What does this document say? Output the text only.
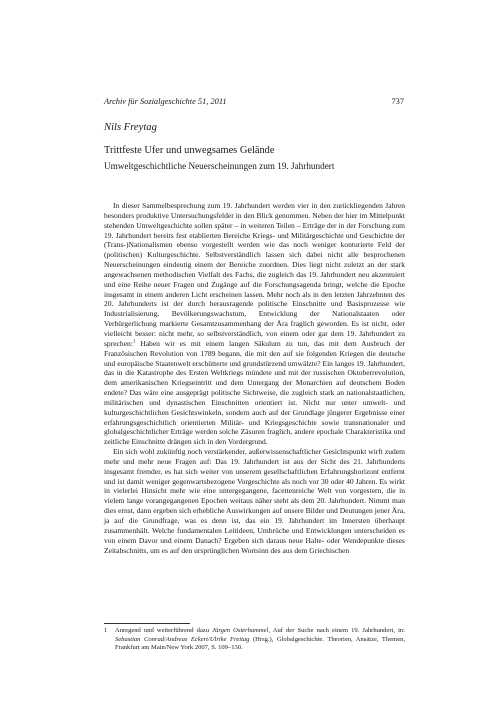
Archiv für Sozialgeschichte 51, 2011	737
Nils Freytag
Trittfeste Ufer und unwegsames Gelände
Umweltgeschichtliche Neuerscheinungen zum 19. Jahrhundert

In dieser Sammelbesprechung zum 19. Jahrhundert werden vier in den zurückliegenden Jahren besonders produktive Untersuchungsfelder in den Blick genommen. Neben der hier im Mittelpunkt stehenden Umweltgeschichte sollen später – in weiteren Teilen – Erträge der in der Forschung zum 19. Jahrhundert bereits fest etablierten Bereiche Kriegs- und Militärgeschichte und Geschichte der (Trans-)Nationalismen ebenso vorgestellt werden wie das noch weniger konturierte Feld der (politischen) Kulturgeschichte. Selbstverständlich lassen sich dabei nicht alle besprochenen Neuerscheinungen eindeutig einem der Bereiche zuordnen. Dies liegt nicht zuletzt an der stark angewachsenen methodischen Vielfalt des Fachs, die zugleich das 19. Jahrhundert neu akzentuiert und eine Reihe neuer Fragen und Zugänge auf die Forschungsagenda bringt, welche die Epoche insgesamt in einem anderen Licht erscheinen lassen. Mehr noch als in den letzten Jahrzehnten des 20. Jahrhunderts ist der durch herausragende politische Einschnitte und Basisprozesse wie Industrialisierung, Bevölkerungswachstum, Entwicklung der Nationalstaaten oder Verbürgerlichung markierte Gesamtzusammenhang der Ära fraglich geworden. Es ist nicht, oder vielleicht besser: nicht mehr, so selbstverständlich, von einem oder gar dem 19. Jahrhundert zu sprechen:$^1$ Haben wir es mit einem langen Säkulum zu tun, das mit dem Ausbruch der Französischen Revolution von 1789 begann, die mit den auf sie folgenden Kriegen die deutsche und europäische Staatenwelt erschütterte und grundstürzend umwälzte? Ein langes 19. Jahrhundert, das in die Katastrophe des Ersten Weltkriegs mündete und mit der russischen Oktoberrevolution, dem amerikanischen Kriegseintritt und dem Untergang der Monarchien auf deutschem Boden endete? Das wäre eine ausgeprägt politische Sichtweise, die zugleich stark an nationalstaatlichen, militärischen und dynastischen Einschnitten orientiert ist. Nicht nur unter umwelt- und kulturgeschichtlichen Gesichtswinkeln, sondern auch auf der Grundlage jüngerer Ergebnisse einer erfahrungsgeschichtlich orientierten Militär- und Kriegsgeschichte sowie transnationaler und globalgeschichtlicher Erträge werden solche Zäsuren fraglich, andere epochale Charakteristika und zeitliche Einschnitte drängen sich in den Vordergrund.

Ein sich wohl zukünftig noch verstärkender, außerwissenschaftlicher Gesichtspunkt wirft zudem mehr und mehr neue Fragen auf: Das 19. Jahrhundert ist aus der Sicht des 21. Jahrhunderts insgesamt fremder, es hat sich weiter von unserem gesellschaftlichen Erfahrungshorizont entfernt und ist damit weniger gegenwartsbezogene Vorgeschichte als noch vor 30 oder 40 Jahren. Es wirkt in vielerlei Hinsicht mehr wie eine untergegangene, facettenreiche Welt von vorgestern, die in vielem lange vorangegangenen Epochen weitaus näher steht als dem 20. Jahrhundert. Nimmt man dies ernst, dann ergeben sich erhebliche Auswirkungen auf unsere Bilder und Deutungen jener Ära, ja auf die Grundfrage, was es denn ist, das ein 19. Jahrhundert im Innersten überhaupt zusammenhält. Welche fundamentalen Leitideen, Umbrüche und Entwicklungen unterscheiden es von einem Davor und einem Danach? Ergeben sich daraus neue Halte- oder Wendepunkte dieses Zeitabschnitts, um es auf den ursprünglichen Wortsinn des aus dem Griechischen

1 Anregend und weiterführend dazu Jürgen Osterhammel, Auf der Suche nach einem 19. Jahrhundert, in: Sebastian Conrad/Andreas Eckert/Ulrike Freitag (Hrsg.), Globalgeschichte. Theorien, Ansätze, Themen, Frankfurt am Main/New York 2007, S. 109–130.
